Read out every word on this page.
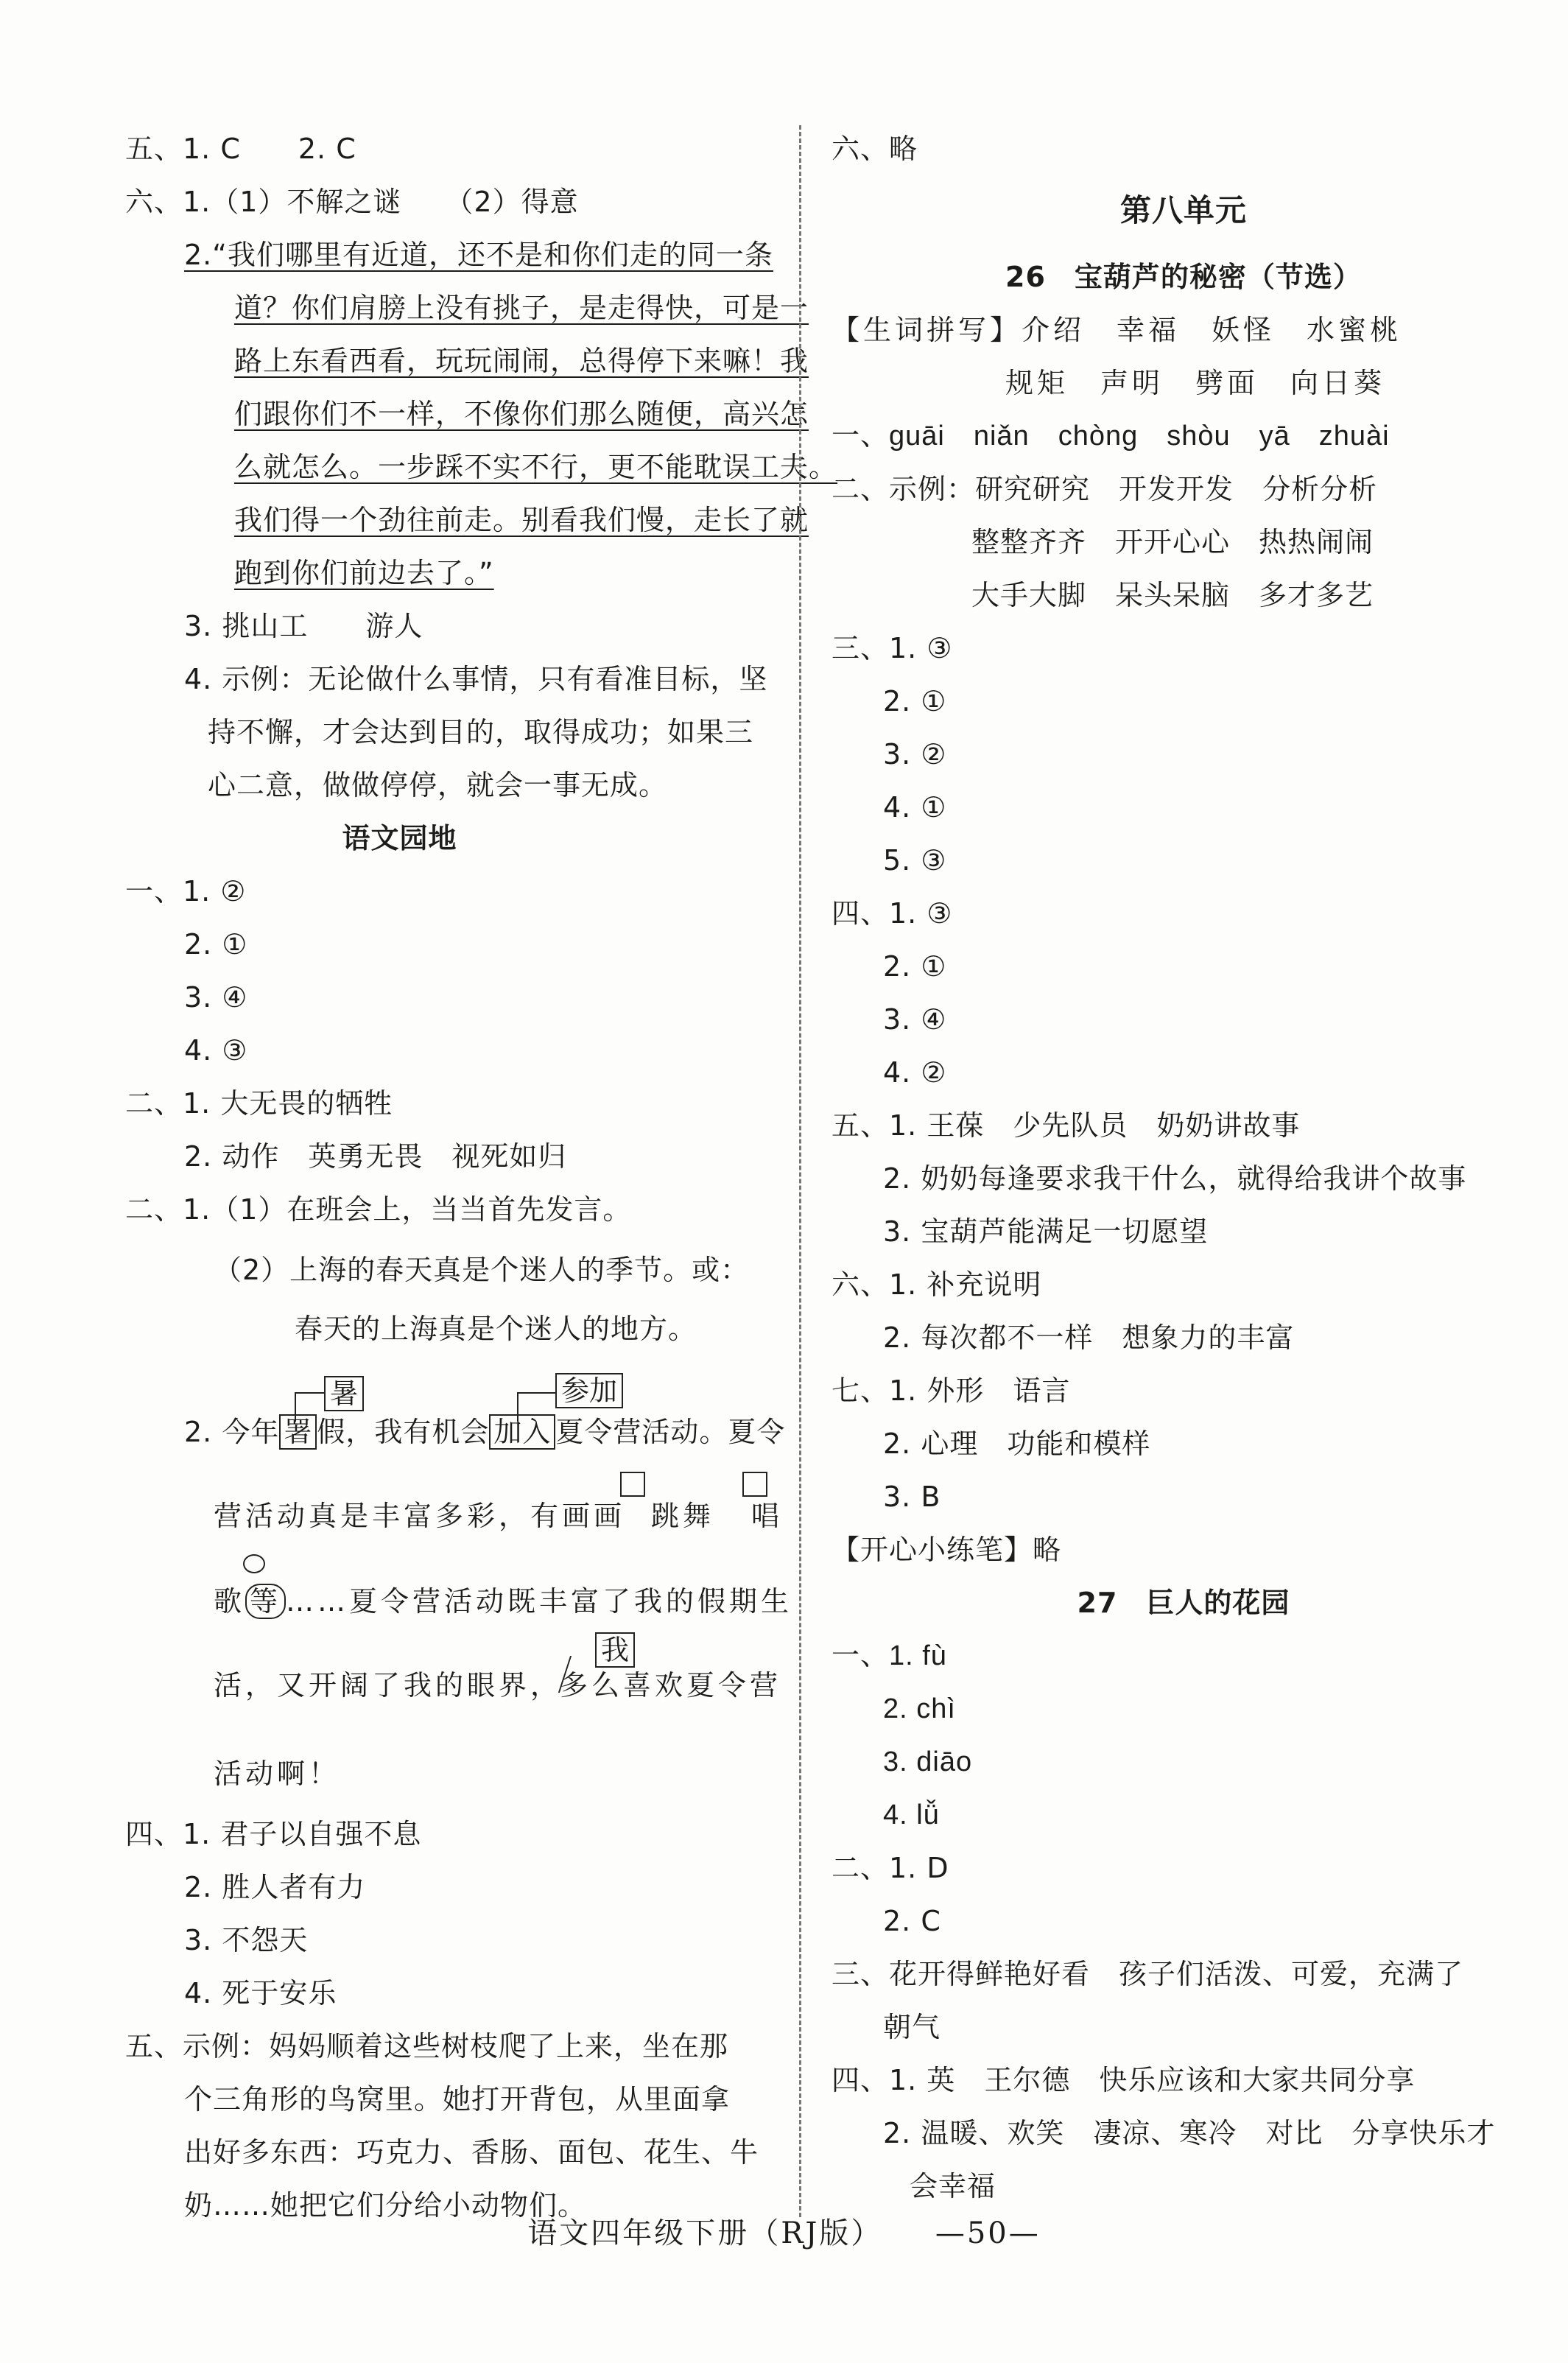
五、1. C　　2. C
六、1.（1）不解之谜　　（2）得意
2.“我们哪里有近道，还不是和你们走的同一条
道？你们肩膀上没有挑子，是走得快，可是一
路上东看西看，玩玩闹闹，总得停下来嘛！我
们跟你们不一样，不像你们那么随便，高兴怎
么就怎么。一步踩不实不行，更不能耽误工夫。
我们得一个劲往前走。别看我们慢，走长了就
跑到你们前边去了。”
3. 挑山工　　游人
4. 示例：无论做什么事情，只有看准目标，坚
持不懈，才会达到目的，取得成功；如果三
心二意，做做停停，就会一事无成。
语文园地
一、1. ②
2. ①
3. ④
4. ③
二、1. 大无畏的牺牲
2. 动作　英勇无畏　视死如归
二、1.（1）在班会上，当当首先发言。
（2）上海的春天真是个迷人的季节。或：
春天的上海真是个迷人的地方。
暑	参加
2. 今年 署 假，我有机会 加入 夏令营活动。夏令
营活动真是丰富多彩，有画画 跳舞 唱
歌 等 ……夏令营活动既丰富了我的假期生
我
活，又开阔了我的眼界，
多么喜欢夏令营
活动啊！
四、1. 君子以自强不息
2. 胜人者有力
3. 不怨天
4. 死于安乐
五、示例：妈妈顺着这些树枝爬了上来，坐在那
个三角形的鸟窝里。她打开背包，从里面拿
出好多东西：巧克力、香肠、面包、花生、牛
奶……她把它们分给小动物们。
六、略
第八单元
26　宝葫芦的秘密（节选）
【生词拼写】介绍　幸福　妖怪　水蜜桃
规矩　声明　劈面　向日葵
一、guāi　niǎn　chòng　shòu　yā　zhuài
二、示例：研究研究　开发开发　分析分析
整整齐齐　开开心心　热热闹闹
大手大脚　呆头呆脑　多才多艺
三、1. ③
2. ①
3. ②
4. ①
5. ③
四、1. ③
2. ①
3. ④
4. ②
五、1. 王葆　少先队员　奶奶讲故事
2. 奶奶每逢要求我干什么，就得给我讲个故事
3. 宝葫芦能满足一切愿望
六、1. 补充说明
2. 每次都不一样　想象力的丰富
七、1. 外形　语言
2. 心理　功能和模样
3. B
【开心小练笔】略
27　巨人的花园
一、1. fù
2. chì
3. diāo
4. lǚ
二、1. D
2. C
三、花开得鲜艳好看　孩子们活泼、可爱，充满了
朝气
四、1. 英　王尔德　快乐应该和大家共同分享
2. 温暖、欢笑　凄凉、寒冷　对比　分享快乐才
会幸福
语文四年级下册（RJ版） —50—
